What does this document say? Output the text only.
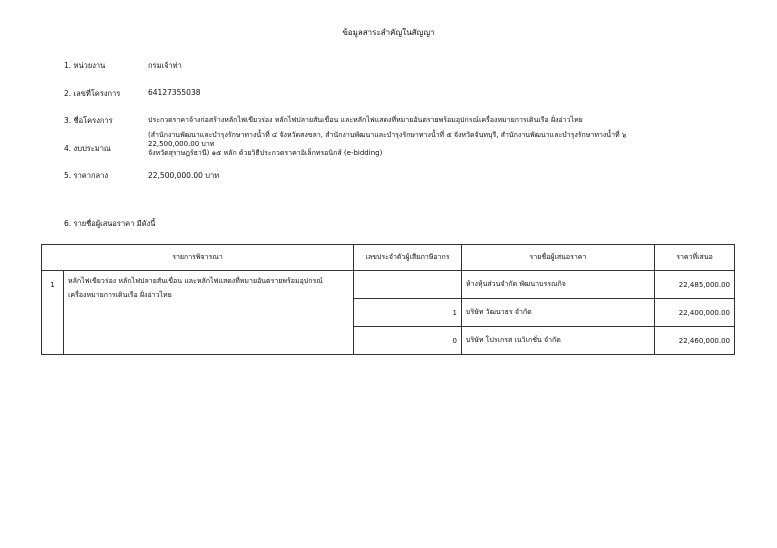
ข้อมูลสาระสำคัญในสัญญา
1. หน่วยงาน	กรมเจ้าท่า
2. เลขที่โครงการ	64127355038
3. ชื่อโครงการ	ประกวดราคาจ้างก่อสร้างหลักไฟเขียวร่อง หลักไฟปลายสันเขื่อน และหลักไฟแสดงที่หมายอันตรายพร้อมอุปกรณ์เครื่องหมายการเดินเรือ ฝั่งอ่าวไทย
4. งบประมาณ
(สำนักงานพัฒนาและบำรุงรักษาทางน้ำที่ ๔ จังหวัดสงขลา, สำนักงานพัฒนาและบำรุงรักษาทางน้ำที่ ๕ จังหวัดจันทบุรี, สำนักงานพัฒนาและบำรุงรักษาทางน้ำที่ ๖
22,500,000.00 บาท
จังหวัดสุราษฎร์ธานี) ๑๕ หลัก ด้วยวิธีประกวดราคาอิเล็กทรอนิกส์ (e-bidding)
5. ราคากลาง	22,500,000.00 บาท
6. รายชื่อผู้เสนอราคา มีดังนี้
รายการพิจารณา		เลขประจำตัวผู้เสียภาษีอากร	รายชื่อผู้เสนอราคา	ราคาที่เสนอ
1	หลักไฟเขียวร่อง หลักไฟปลายสันเขื่อน และหลักไฟแสดงที่หมายอันตรายพร้อมอุปกรณ์เครื่องหมายการเดินเรือ ฝั่งอ่าวไทย		ห้างหุ้นส่วนจำกัด พัฒนาบรรณกิจ	22,485,000.00
		1	บริษัท วัฒนาธร จำกัด	22,400,000.00
		0	บริษัท โปรเกรส เนวิเกชั่น จำกัด	22,460,000.00
